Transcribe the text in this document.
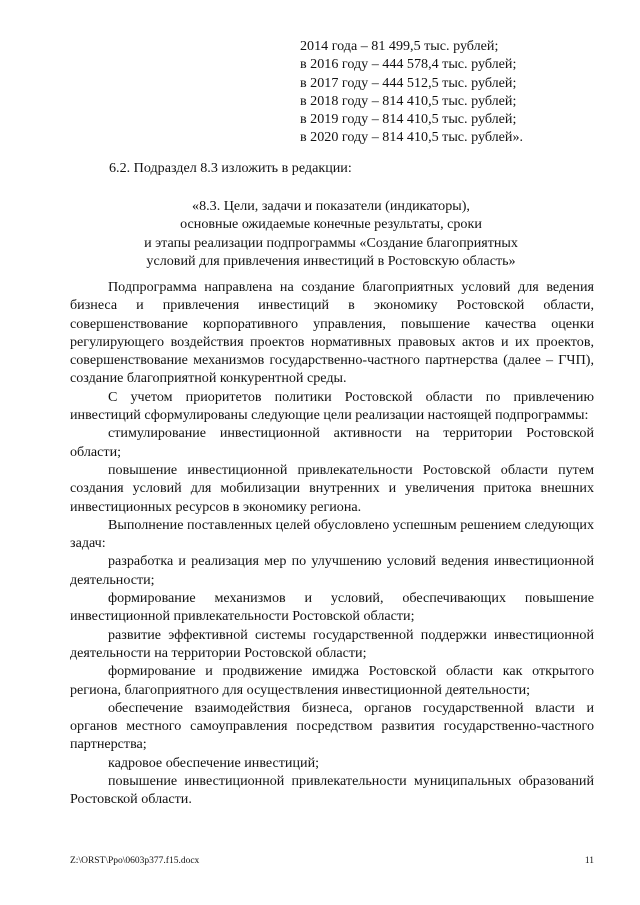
2014 года – 81 499,5 тыс. рублей;
в 2016 году – 444 578,4 тыс. рублей;
в 2017 году – 444 512,5 тыс. рублей;
в 2018 году – 814 410,5 тыс. рублей;
в 2019 году – 814 410,5 тыс. рублей;
в 2020 году – 814 410,5 тыс. рублей».
6.2. Подраздел 8.3 изложить в редакции:
«8.3. Цели, задачи и показатели (индикаторы),
основные ожидаемые конечные результаты, сроки
и этапы реализации подпрограммы «Создание благоприятных
условий для привлечения инвестиций в Ростовскую область»

Подпрограмма направлена на создание благоприятных условий для ведения бизнеса и привлечения инвестиций в экономику Ростовской области, совершенствование корпоративного управления, повышение качества оценки регулирующего воздействия проектов нормативных правовых актов и их проектов, совершенствование механизмов государственно-частного партнерства (далее – ГЧП), создание благоприятной конкурентной среды.

С учетом приоритетов политики Ростовской области по привлечению инвестиций сформулированы следующие цели реализации настоящей подпрограммы:

стимулирование инвестиционной активности на территории Ростовской области;

повышение инвестиционной привлекательности Ростовской области путем создания условий для мобилизации внутренних и увеличения притока внешних инвестиционных ресурсов в экономику региона.

Выполнение поставленных целей обусловлено успешным решением следующих задач:

разработка и реализация мер по улучшению условий ведения инвестиционной деятельности;

формирование механизмов и условий, обеспечивающих повышение инвестиционной привлекательности Ростовской области;

развитие эффективной системы государственной поддержки инвестиционной деятельности на территории Ростовской области;

формирование и продвижение имиджа Ростовской области как открытого региона, благоприятного для осуществления инвестиционной деятельности;

обеспечение взаимодействия бизнеса, органов государственной власти и органов местного самоуправления посредством развития государственно-частного партнерства;

кадровое обеспечение инвестиций;

повышение инвестиционной привлекательности муниципальных образований Ростовской области.

Z:\ORST\Ppo\0603p377.f15.docx	11
